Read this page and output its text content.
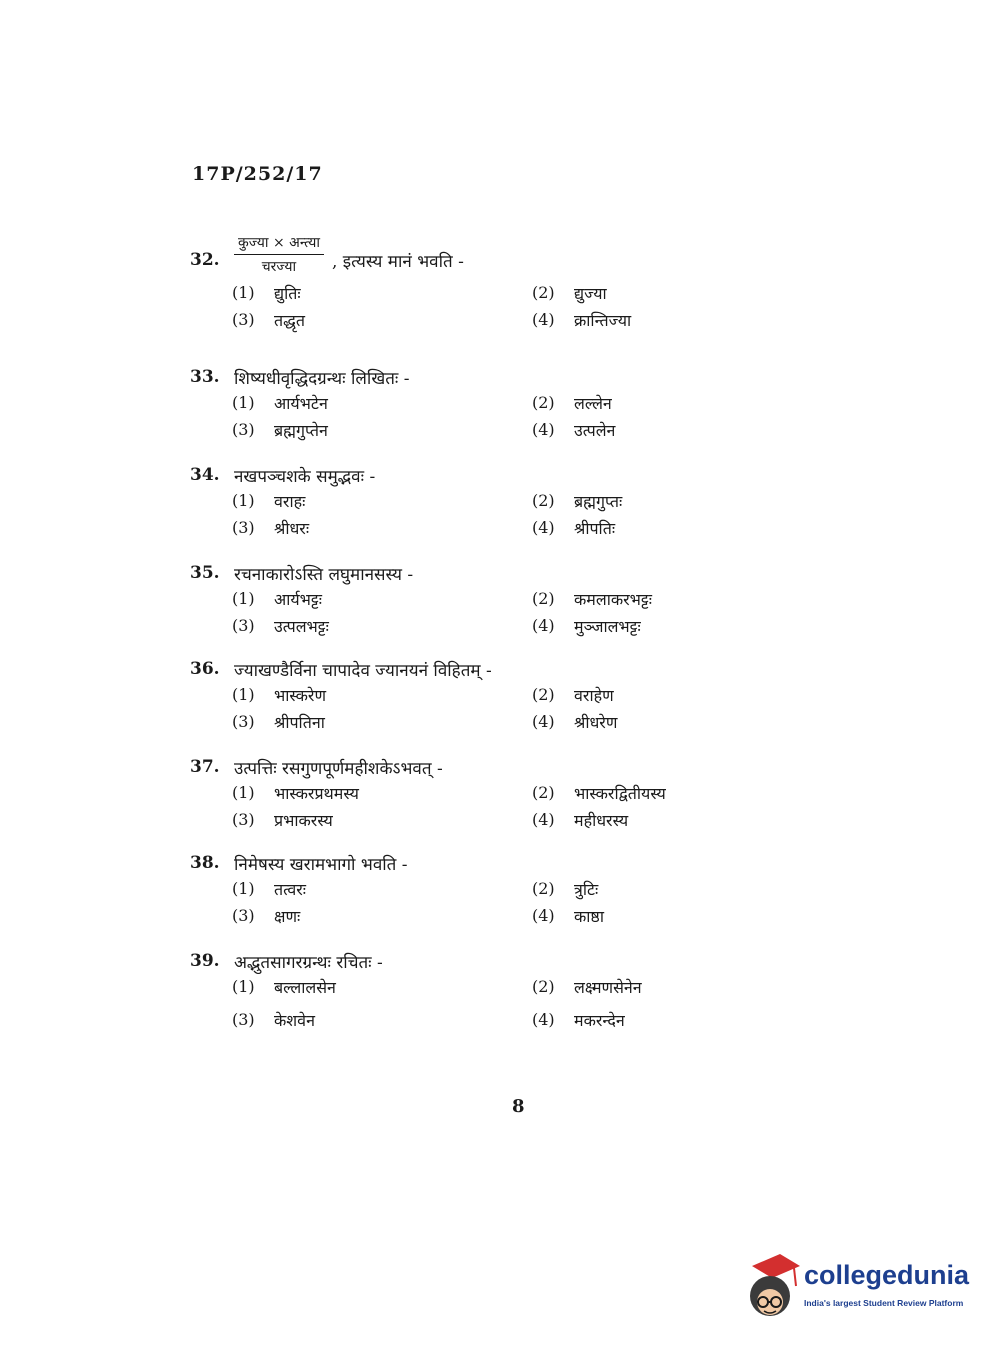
17P/252/17
32.	$\frac{\text{कुज्या × अन्त्या}}{\text{चरज्या}}$ , इत्यस्य मानं भवति -
(1)	द्युतिः	(2)	द्युज्या
(3)	तद्धृत	(4)	क्रान्तिज्या
33. शिष्यधीवृद्धिदग्रन्थः लिखितः -
(1)	आर्यभटेन	(2)	लल्लेन
(3)	ब्रह्मगुप्तेन	(4)	उत्पलेन
34. नखपञ्चशके समुद्भवः -
(1)	वराहः	(2)	ब्रह्मगुप्तः
(3)	श्रीधरः	(4)	श्रीपतिः
35. रचनाकारोऽस्ति लघुमानसस्य -
(1)	आर्यभट्टः	(2)	कमलाकरभट्टः
(3)	उत्पलभट्टः	(4)	मुञ्जालभट्टः
36. ज्याखण्डैर्विना चापादेव ज्यानयनं विहितम् -
(1)	भास्करेण	(2)	वराहेण
(3)	श्रीपतिना	(4)	श्रीधरेण
37. उत्पत्तिः रसगुणपूर्णमहीशकेऽभवत् -
(1)	भास्करप्रथमस्य	(2)	भास्करद्वितीयस्य
(3)	प्रभाकरस्य	(4)	महीधरस्य
38. निमेषस्य खरामभागो भवति -
(1)	तत्वरः	(2)	त्रुटिः
(3)	क्षणः	(4)	काष्ठा
39. अद्भुतसागरग्रन्थः रचितः -
(1)	बल्लालसेन	(2)	लक्ष्मणसेनेन
(3)	केशवेन	(4)	मकरन्देन
8
collegedunia
India's largest Student Review Platform
